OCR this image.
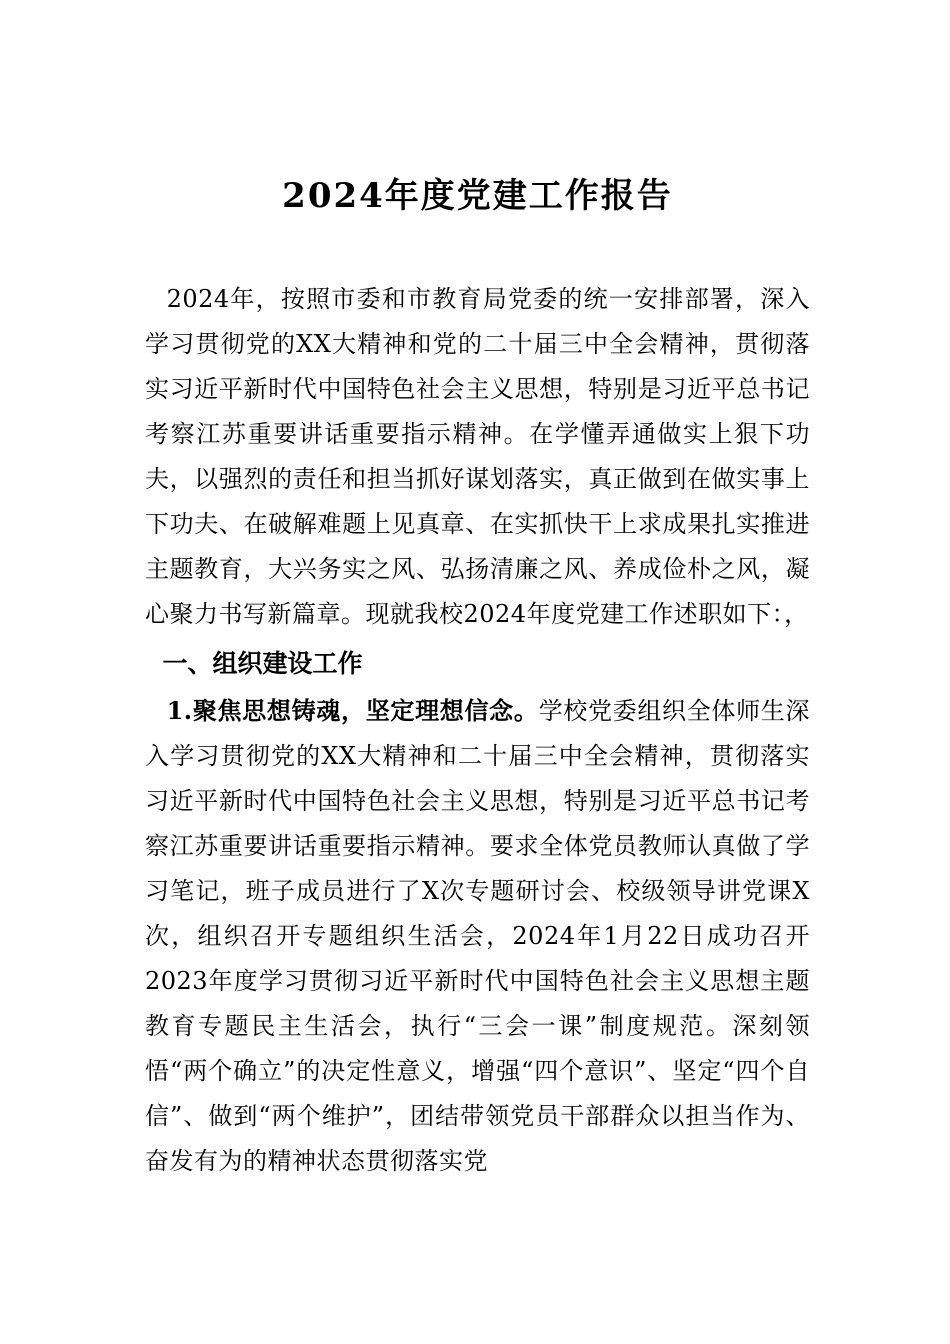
2024年度党建工作报告

2024年，按照市委和市教育局党委的统一安排部署，深入学习贯彻党的XX大精神和党的二十届三中全会精神，贯彻落实习近平新时代中国特色社会主义思想，特别是习近平总书记考察江苏重要讲话重要指示精神。在学懂弄通做实上狠下功夫，以强烈的责任和担当抓好谋划落实，真正做到在做实事上下功夫、在破解难题上见真章、在实抓快干上求成果扎实推进主题教育，大兴务实之风、弘扬清廉之风、养成俭朴之风，凝心聚力书写新篇章。现就我校2024年度党建工作述职如下：，

一、组织建设工作

1.聚焦思想铸魂，坚定理想信念。学校党委组织全体师生深入学习贯彻党的XX大精神和二十届三中全会精神，贯彻落实习近平新时代中国特色社会主义思想，特别是习近平总书记考察江苏重要讲话重要指示精神。要求全体党员教师认真做了学习笔记，班子成员进行了X次专题研讨会、校级领导讲党课X次，组织召开专题组织生活会，2024年1月22日成功召开2023年度学习贯彻习近平新时代中国特色社会主义思想主题教育专题民主生活会，执行“三会一课”制度规范。深刻领悟“两个确立”的决定性意义，增强“四个意识”、坚定“四个自信”、做到“两个维护”，团结带领党员干部群众以担当作为、奋发有为的精神状态贯彻落实党
